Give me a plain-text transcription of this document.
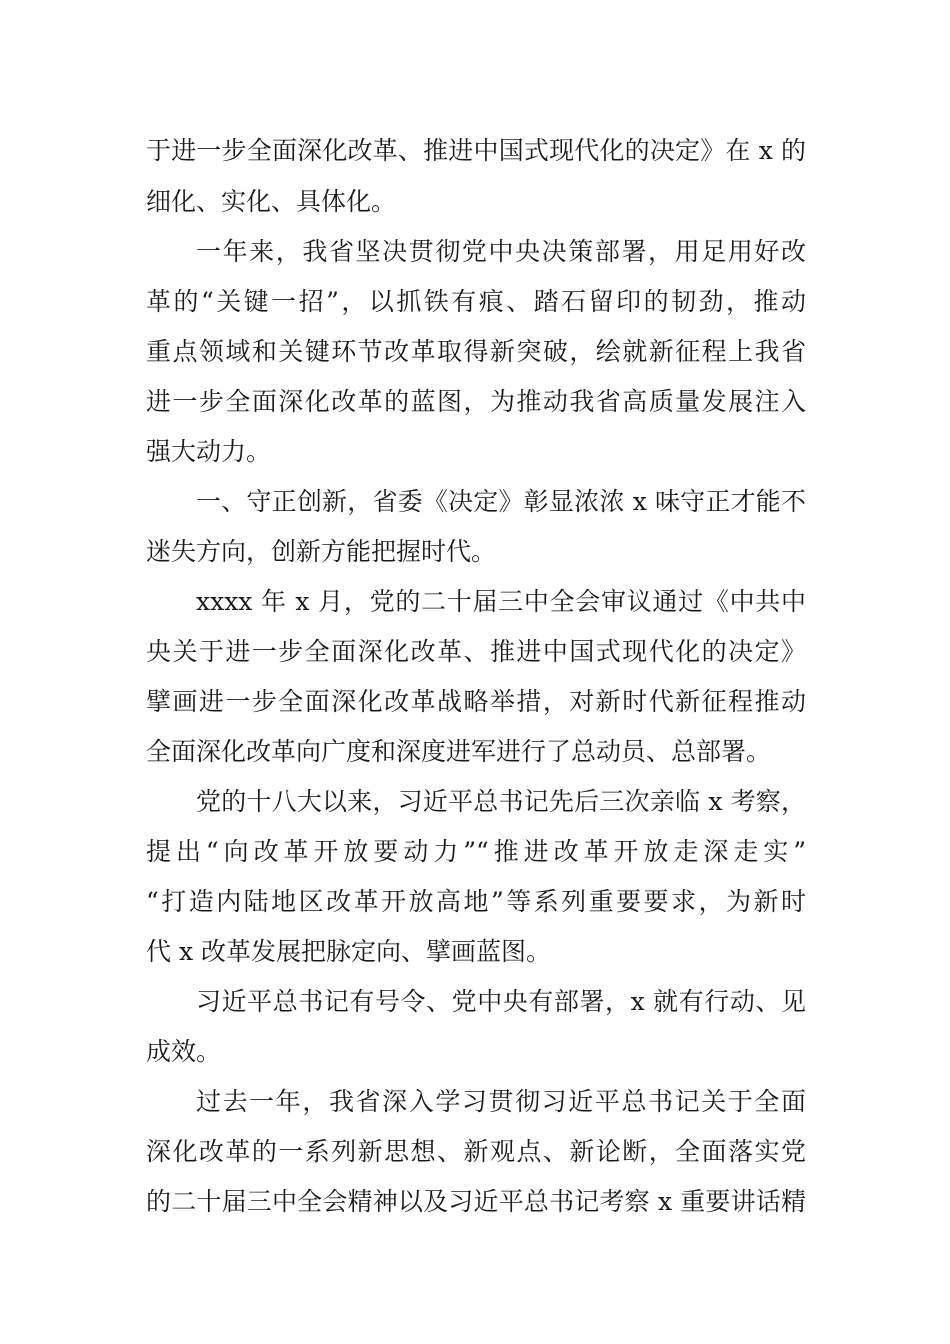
于进一步全面深化改革、推进中国式现代化的决定》在 x 的
细化、实化、具体化。
一年来，我省坚决贯彻党中央决策部署，用足用好改
革的“关键一招”，以抓铁有痕、踏石留印的韧劲，推动
重点领域和关键环节改革取得新突破，绘就新征程上我省
进一步全面深化改革的蓝图，为推动我省高质量发展注入
强大动力。
一、守正创新，省委《决定》彰显浓浓 x 味守正才能不
迷失方向，创新方能把握时代。
xxxx 年 x 月，党的二十届三中全会审议通过《中共中
央关于进一步全面深化改革、推进中国式现代化的决定》
擘画进一步全面深化改革战略举措，对新时代新征程推动
全面深化改革向广度和深度进军进行了总动员、总部署。
党的十八大以来，习近平总书记先后三次亲临 x 考察，
提出“向改革开放要动力”“推进改革开放走深走实”
“打造内陆地区改革开放高地”等系列重要要求，为新时
代 x 改革发展把脉定向、擘画蓝图。
习近平总书记有号令、党中央有部署，x 就有行动、见
成效。
过去一年，我省深入学习贯彻习近平总书记关于全面
深化改革的一系列新思想、新观点、新论断，全面落实党
的二十届三中全会精神以及习近平总书记考察 x 重要讲话精
